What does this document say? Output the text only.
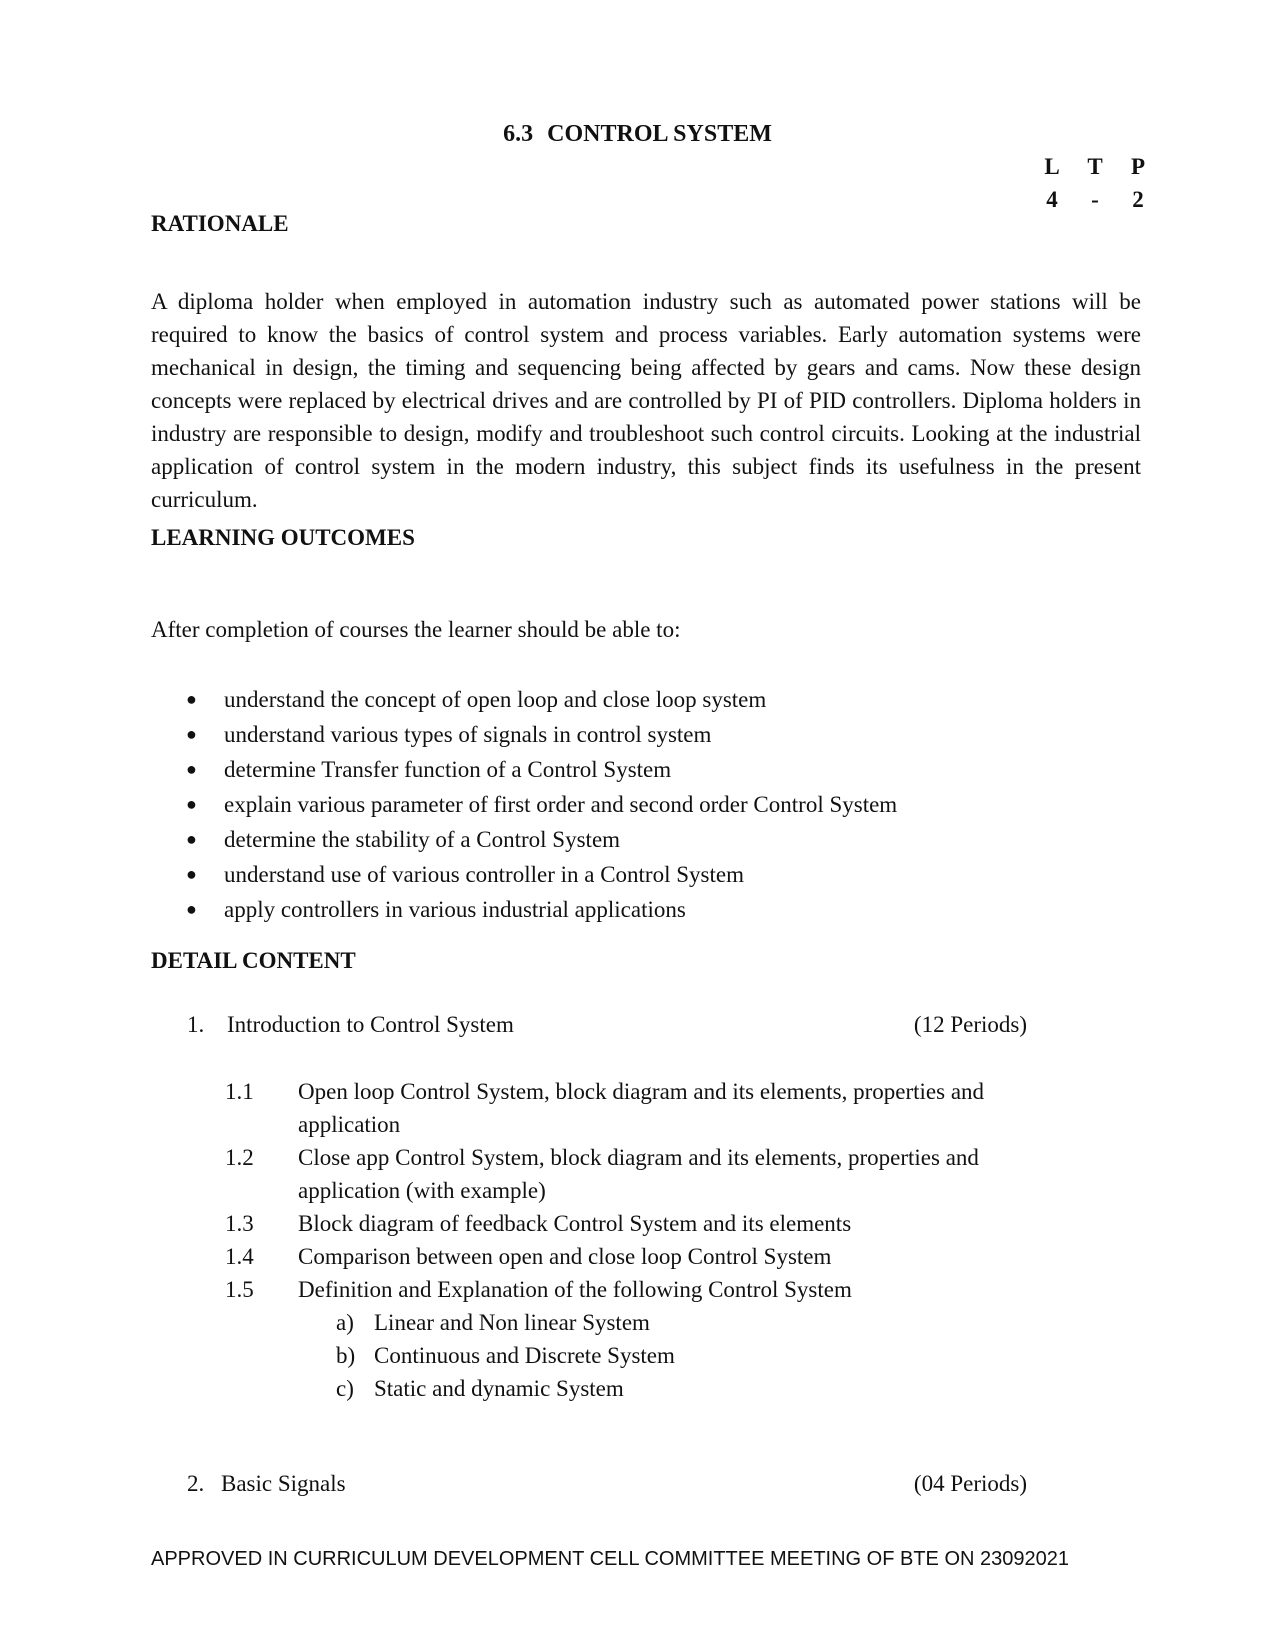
6.3 CONTROL SYSTEM
L T P
4	-	2
RATIONALE
A diploma holder when employed in automation industry such as automated power stations will be required to know the basics of control system and process variables. Early automation systems were mechanical in design, the timing and sequencing being affected by gears and cams. Now these design concepts were replaced by electrical drives and are controlled by PI of PID controllers. Diploma holders in industry are responsible to design, modify and troubleshoot such control circuits. Looking at the industrial application of control system in the modern industry, this subject finds its usefulness in the present curriculum.
LEARNING OUTCOMES
After completion of courses the learner should be able to:
●	understand the concept of open loop and close loop system
●	understand various types of signals in control system
●	determine Transfer function of a Control System
●	explain various parameter of first order and second order Control System
●	determine the stability of a Control System
●	understand use of various controller in a Control System
●	apply controllers in various industrial applications
DETAIL CONTENT
1. Introduction to Control System	(12 Periods)
1.1	Open loop Control System, block diagram and its elements, properties and
application
1.2	Close app Control System, block diagram and its elements, properties and
application (with example)
1.3	Block diagram of feedback Control System and its elements
1.4	Comparison between open and close loop Control System
1.5	Definition and Explanation of the following Control System
a) Linear and Non linear System
b) Continuous and Discrete System
c) Static and dynamic System
2. Basic Signals	(04 Periods)
APPROVED IN CURRICULUM DEVELOPMENT CELL COMMITTEE MEETING OF BTE ON 23092021
